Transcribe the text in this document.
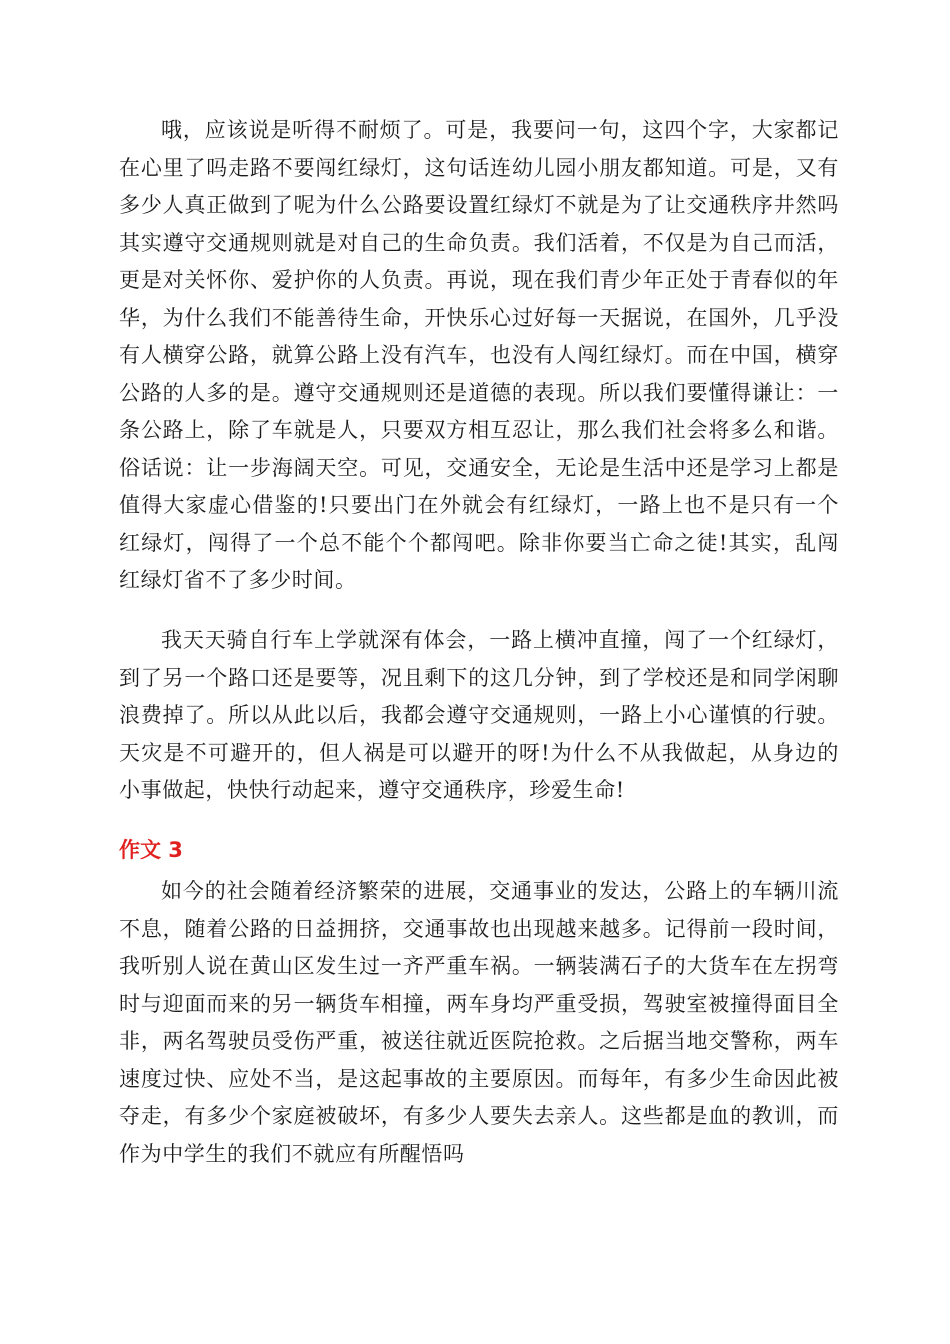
哦，应该说是听得不耐烦了。可是，我要问一句，这四个字，大家都记在心里了吗走路不要闯红绿灯，这句话连幼儿园小朋友都知道。可是，又有多少人真正做到了呢为什么公路要设置红绿灯不就是为了让交通秩序井然吗其实遵守交通规则就是对自己的生命负责。我们活着，不仅是为自己而活，更是对关怀你、爱护你的人负责。再说，现在我们青少年正处于青春似的年华，为什么我们不能善待生命，开快乐心过好每一天据说，在国外，几乎没有人横穿公路，就算公路上没有汽车，也没有人闯红绿灯。而在中国，横穿公路的人多的是。遵守交通规则还是道德的表现。所以我们要懂得谦让：一条公路上，除了车就是人，只要双方相互忍让，那么我们社会将多么和谐。俗话说：让一步海阔天空。可见，交通安全，无论是生活中还是学习上都是值得大家虚心借鉴的!只要出门在外就会有红绿灯，一路上也不是只有一个红绿灯，闯得了一个总不能个个都闯吧。除非你要当亡命之徒!其实，乱闯红绿灯省不了多少时间。

我天天骑自行车上学就深有体会，一路上横冲直撞，闯了一个红绿灯，到了另一个路口还是要等，况且剩下的这几分钟，到了学校还是和同学闲聊浪费掉了。所以从此以后，我都会遵守交通规则，一路上小心谨慎的行驶。天灾是不可避开的，但人祸是可以避开的呀!为什么不从我做起，从身边的小事做起，快快行动起来，遵守交通秩序，珍爱生命!

作文 3

如今的社会随着经济繁荣的进展，交通事业的发达，公路上的车辆川流不息，随着公路的日益拥挤，交通事故也出现越来越多。记得前一段时间，我听别人说在黄山区发生过一齐严重车祸。一辆装满石子的大货车在左拐弯时与迎面而来的另一辆货车相撞，两车身均严重受损，驾驶室被撞得面目全非，两名驾驶员受伤严重，被送往就近医院抢救。之后据当地交警称，两车速度过快、应处不当，是这起事故的主要原因。而每年，有多少生命因此被夺走，有多少个家庭被破坏，有多少人要失去亲人。这些都是血的教训，而作为中学生的我们不就应有所醒悟吗
